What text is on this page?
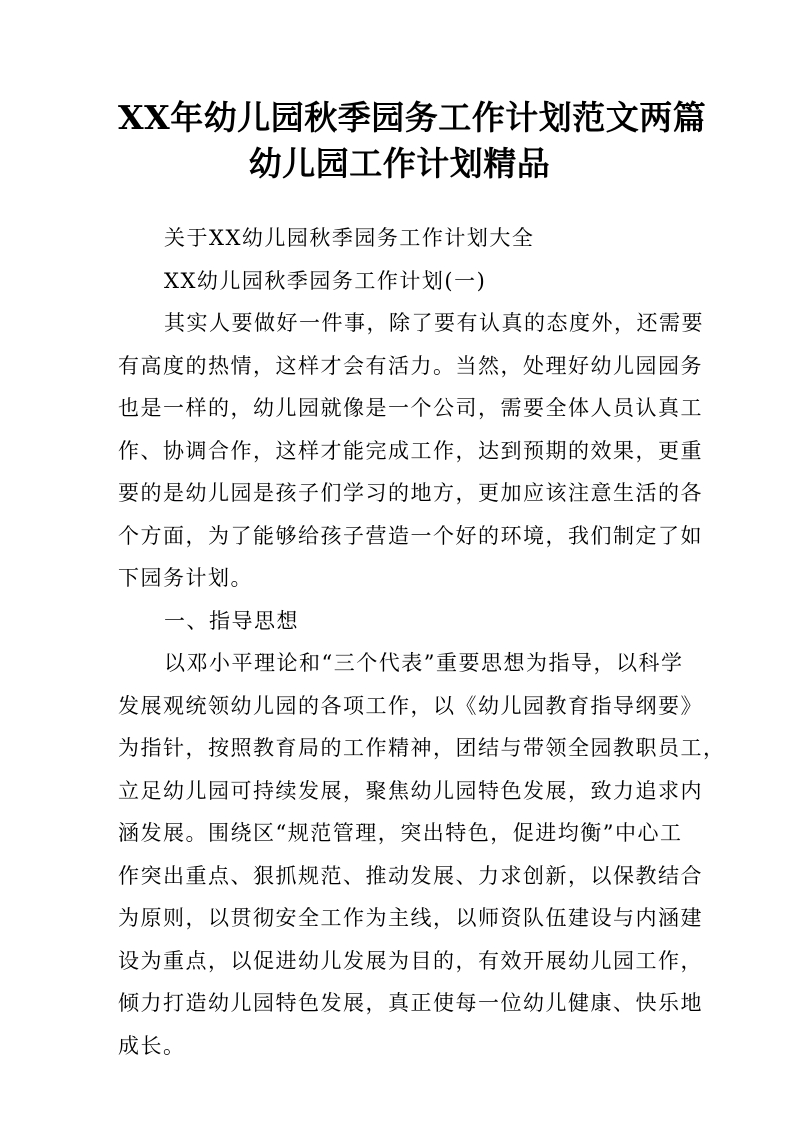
XX年幼儿园秋季园务工作计划范文两篇
幼儿园工作计划精品
关于XX幼儿园秋季园务工作计划大全
XX幼儿园秋季园务工作计划(一)
其实人要做好一件事，除了要有认真的态度外，还需要
有高度的热情，这样才会有活力。当然，处理好幼儿园园务
也是一样的，幼儿园就像是一个公司，需要全体人员认真工
作、协调合作，这样才能完成工作，达到预期的效果，更重
要的是幼儿园是孩子们学习的地方，更加应该注意生活的各
个方面，为了能够给孩子营造一个好的环境，我们制定了如
下园务计划。
一、指导思想
以邓小平理论和“三个代表”重要思想为指导，以科学
发展观统领幼儿园的各项工作，以《幼儿园教育指导纲要》
为指针，按照教育局的工作精神，团结与带领全园教职员工，
立足幼儿园可持续发展，聚焦幼儿园特色发展，致力追求内
涵发展。围绕区“规范管理，突出特色，促进均衡”中心工
作突出重点、狠抓规范、推动发展、力求创新，以保教结合
为原则，以贯彻安全工作为主线，以师资队伍建设与内涵建
设为重点，以促进幼儿发展为目的，有效开展幼儿园工作，
倾力打造幼儿园特色发展，真正使每一位幼儿健康、快乐地
成长。
